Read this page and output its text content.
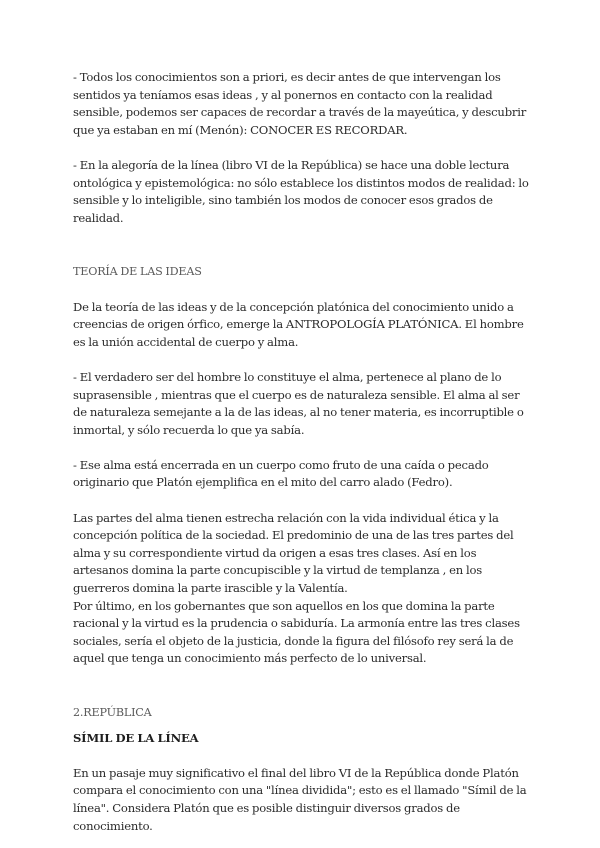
- Todos los conocimientos son a priori, es decir antes de que intervengan los sentidos ya teníamos esas ideas , y al ponernos en contacto con la realidad sensible, podemos ser capaces de recordar a través de la mayeútica, y descubrir que ya estaban en mí (Menón): CONOCER ES RECORDAR.

- En la alegoría de la línea (libro VI de la República) se hace una doble lectura ontológica y epistemológica: no sólo establece los distintos modos de realidad: lo sensible y lo inteligible, sino también los modos de conocer esos grados de realidad.

TEORÍA DE LAS IDEAS

De la teoría de las ideas y de la concepción platónica del conocimiento unido a creencias de origen órfico, emerge la ANTROPOLOGÍA PLATÓNICA. El hombre es la unión accidental de cuerpo y alma.

- El verdadero ser del hombre lo constituye el alma, pertenece al plano de lo suprasensible , mientras que el cuerpo es de naturaleza sensible. El alma al ser de naturaleza semejante a la de las ideas, al no tener materia, es incorruptible o inmortal, y sólo recuerda lo que ya sabía.

- Ese alma está encerrada en un cuerpo como fruto de una caída o pecado originario que Platón ejemplifica en el mito del carro alado (Fedro).

Las partes del alma tienen estrecha relación con la vida individual ética y la concepción política de la sociedad. El predominio de una de las tres partes del alma y su correspondiente virtud da origen a esas tres clases. Así en los artesanos domina la parte concupiscible y la virtud de templanza , en los guerreros domina la parte irascible y la Valentía.

Por último, en los gobernantes que son aquellos en los que domina la parte racional y la virtud es la prudencia o sabiduría. La armonía entre las tres clases sociales, sería el objeto de la justicia, donde la figura del filósofo rey será la de aquel que tenga un conocimiento más perfecto de lo universal.

2.REPÚBLICA

SÍMIL DE LA LÍNEA

En un pasaje muy significativo el final del libro VI de la República donde Platón compara el conocimiento con una "línea dividida"; esto es el llamado "Símil de la línea". Considera Platón que es posible distinguir diversos grados de conocimiento.
